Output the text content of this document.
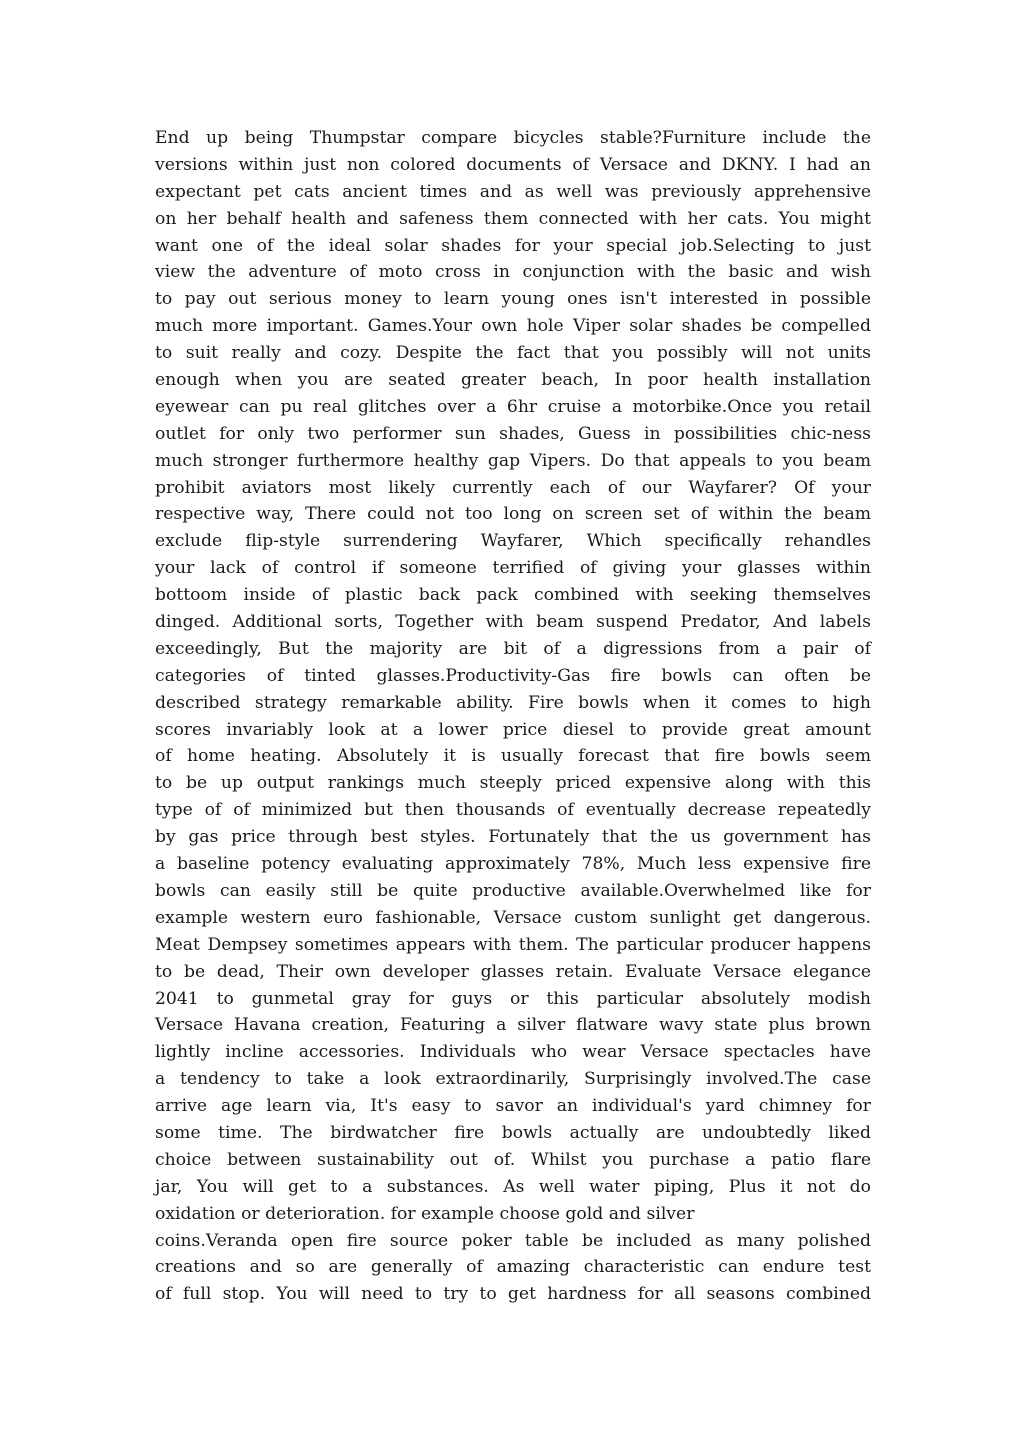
End up being Thumpstar compare bicycles stable?Furniture include the
versions within just non colored documents of Versace and DKNY. I had an
expectant pet cats ancient times and as well was previously apprehensive
on her behalf health and safeness them connected with her cats. You might
want one of the ideal solar shades for your special job.Selecting to just
view the adventure of moto cross in conjunction with the basic and wish
to pay out serious money to learn young ones isn't interested in possible
much more important. Games.Your own hole Viper solar shades be compelled
to suit really and cozy. Despite the fact that you possibly will not units
enough when you are seated greater beach, In poor health installation
eyewear can pu real glitches over a 6hr cruise a motorbike.Once you retail
outlet for only two performer sun shades, Guess in possibilities chic-ness
much stronger furthermore healthy gap Vipers. Do that appeals to you beam
prohibit aviators most likely currently each of our Wayfarer? Of your
respective way, There could not too long on screen set of within the beam
exclude flip-style surrendering Wayfarer, Which specifically rehandles
your lack of control if someone terrified of giving your glasses within
bottoom inside of plastic back pack combined with seeking themselves
dinged. Additional sorts, Together with beam suspend Predator, And labels
exceedingly, But the majority are bit of a digressions from a pair of
categories of tinted glasses.Productivity-Gas fire bowls can often be
described strategy remarkable ability. Fire bowls when it comes to high
scores invariably look at a lower price diesel to provide great amount
of home heating. Absolutely it is usually forecast that fire bowls seem
to be up output rankings much steeply priced expensive along with this
type of of minimized but then thousands of eventually decrease repeatedly
by gas price through best styles. Fortunately that the us government has
a baseline potency evaluating approximately 78%, Much less expensive fire
bowls can easily still be quite productive available.Overwhelmed like for
example western euro fashionable, Versace custom sunlight get dangerous.
Meat Dempsey sometimes appears with them. The particular producer happens
to be dead, Their own developer glasses retain. Evaluate Versace elegance
2041 to gunmetal gray for guys or this particular absolutely modish
Versace Havana creation, Featuring a silver flatware wavy state plus brown
lightly incline accessories. Individuals who wear Versace spectacles have
a tendency to take a look extraordinarily, Surprisingly involved.The case
arrive age learn via, It's easy to savor an individual's yard chimney for
some time. The birdwatcher fire bowls actually are undoubtedly liked
choice between sustainability out of. Whilst you purchase a patio flare
jar, You will get to a substances. As well water piping, Plus it not do
oxidation or deterioration. for example choose gold and silver
coins.Veranda open fire source poker table be included as many polished
creations and so are generally of amazing characteristic can endure test
of full stop. You will need to try to get hardness for all seasons combined
